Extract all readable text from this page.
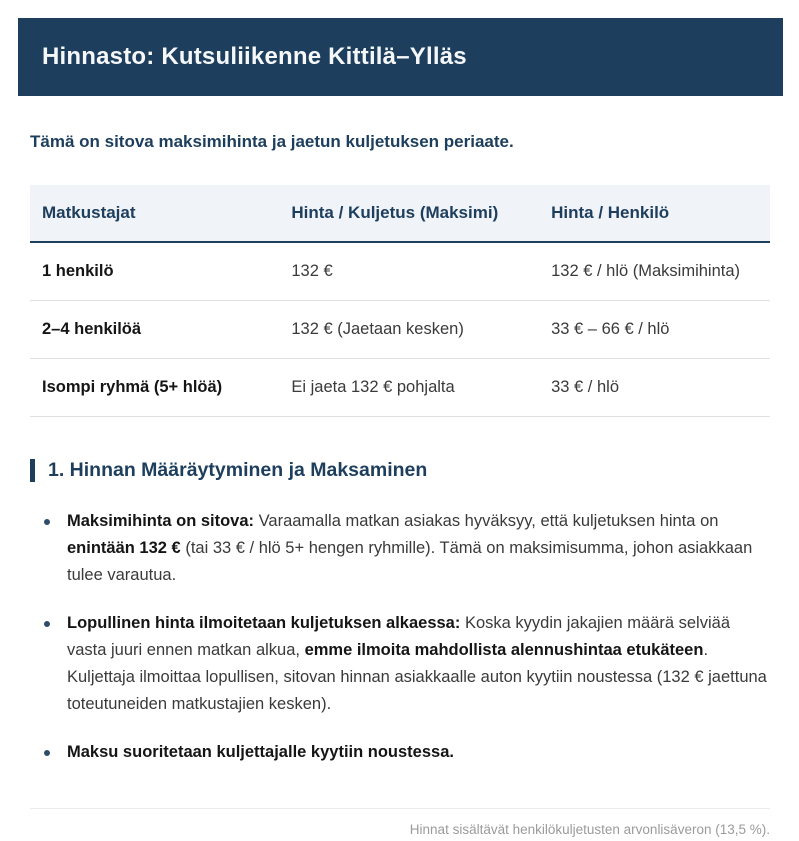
Hinnasto: Kutsuliikenne Kittilä–Ylläs

Tämä on sitova maksimihinta ja jaetun kuljetuksen periaate.

Matkustajat	Hinta / Kuljetus (Maksimi)	Hinta / Henkilö
1 henkilö	132 €	132 € / hlö (Maksimihinta)
2–4 henkilöä	132 € (Jaetaan kesken)	33 € – 66 € / hlö
Isompi ryhmä (5+ hlöä)	Ei jaeta 132 € pohjalta	33 € / hlö
1. Hinnan Määräytyminen ja Maksaminen
Maksimihinta on sitova: Varaamalla matkan asiakas hyväksyy, että kuljetuksen hinta on enintään 132 € (tai 33 € / hlö 5+ hengen ryhmille). Tämä on maksimisumma, johon asiakkaan tulee varautua.
Lopullinen hinta ilmoitetaan kuljetuksen alkaessa: Koska kyydin jakajien määrä selviää vasta juuri ennen matkan alkua, emme ilmoita mahdollista alennushintaa etukäteen. Kuljettaja ilmoittaa lopullisen, sitovan hinnan asiakkaalle auton kyytiin noustessa (132 € jaettuna toteutuneiden matkustajien kesken).
Maksu suoritetaan kuljettajalle kyytiin noustessa.

Hinnat sisältävät henkilökuljetusten arvonlisäveron (13,5 %).
